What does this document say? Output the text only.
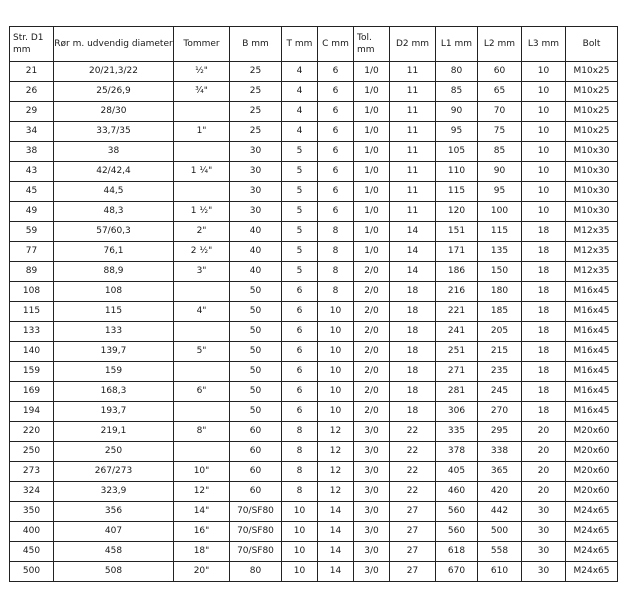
Str. D1 mm	Rør m. udvendig diameter	Tommer	B mm	T mm	C mm	Tol. mm	D2 mm	L1 mm	L2 mm	L3 mm	Bolt
21	20/21,3/22	½"	25	4	6	1/0	11	80	60	10	M10x25
26	25/26,9	¾"	25	4	6	1/0	11	85	65	10	M10x25
29	28/30		25	4	6	1/0	11	90	70	10	M10x25
34	33,7/35	1"	25	4	6	1/0	11	95	75	10	M10x25
38	38		30	5	6	1/0	11	105	85	10	M10x30
43	42/42,4	1 ¼"	30	5	6	1/0	11	110	90	10	M10x30
45	44,5		30	5	6	1/0	11	115	95	10	M10x30
49	48,3	1 ½"	30	5	6	1/0	11	120	100	10	M10x30
59	57/60,3	2"	40	5	8	1/0	14	151	115	18	M12x35
77	76,1	2 ½"	40	5	8	1/0	14	171	135	18	M12x35
89	88,9	3"	40	5	8	2/0	14	186	150	18	M12x35
108	108		50	6	8	2/0	18	216	180	18	M16x45
115	115	4"	50	6	10	2/0	18	221	185	18	M16x45
133	133		50	6	10	2/0	18	241	205	18	M16x45
140	139,7	5"	50	6	10	2/0	18	251	215	18	M16x45
159	159		50	6	10	2/0	18	271	235	18	M16x45
169	168,3	6"	50	6	10	2/0	18	281	245	18	M16x45
194	193,7		50	6	10	2/0	18	306	270	18	M16x45
220	219,1	8"	60	8	12	3/0	22	335	295	20	M20x60
250	250		60	8	12	3/0	22	378	338	20	M20x60
273	267/273	10"	60	8	12	3/0	22	405	365	20	M20x60
324	323,9	12"	60	8	12	3/0	22	460	420	20	M20x60
350	356	14"	70/SF80	10	14	3/0	27	560	442	30	M24x65
400	407	16"	70/SF80	10	14	3/0	27	560	500	30	M24x65
450	458	18"	70/SF80	10	14	3/0	27	618	558	30	M24x65
500	508	20"	80	10	14	3/0	27	670	610	30	M24x65
